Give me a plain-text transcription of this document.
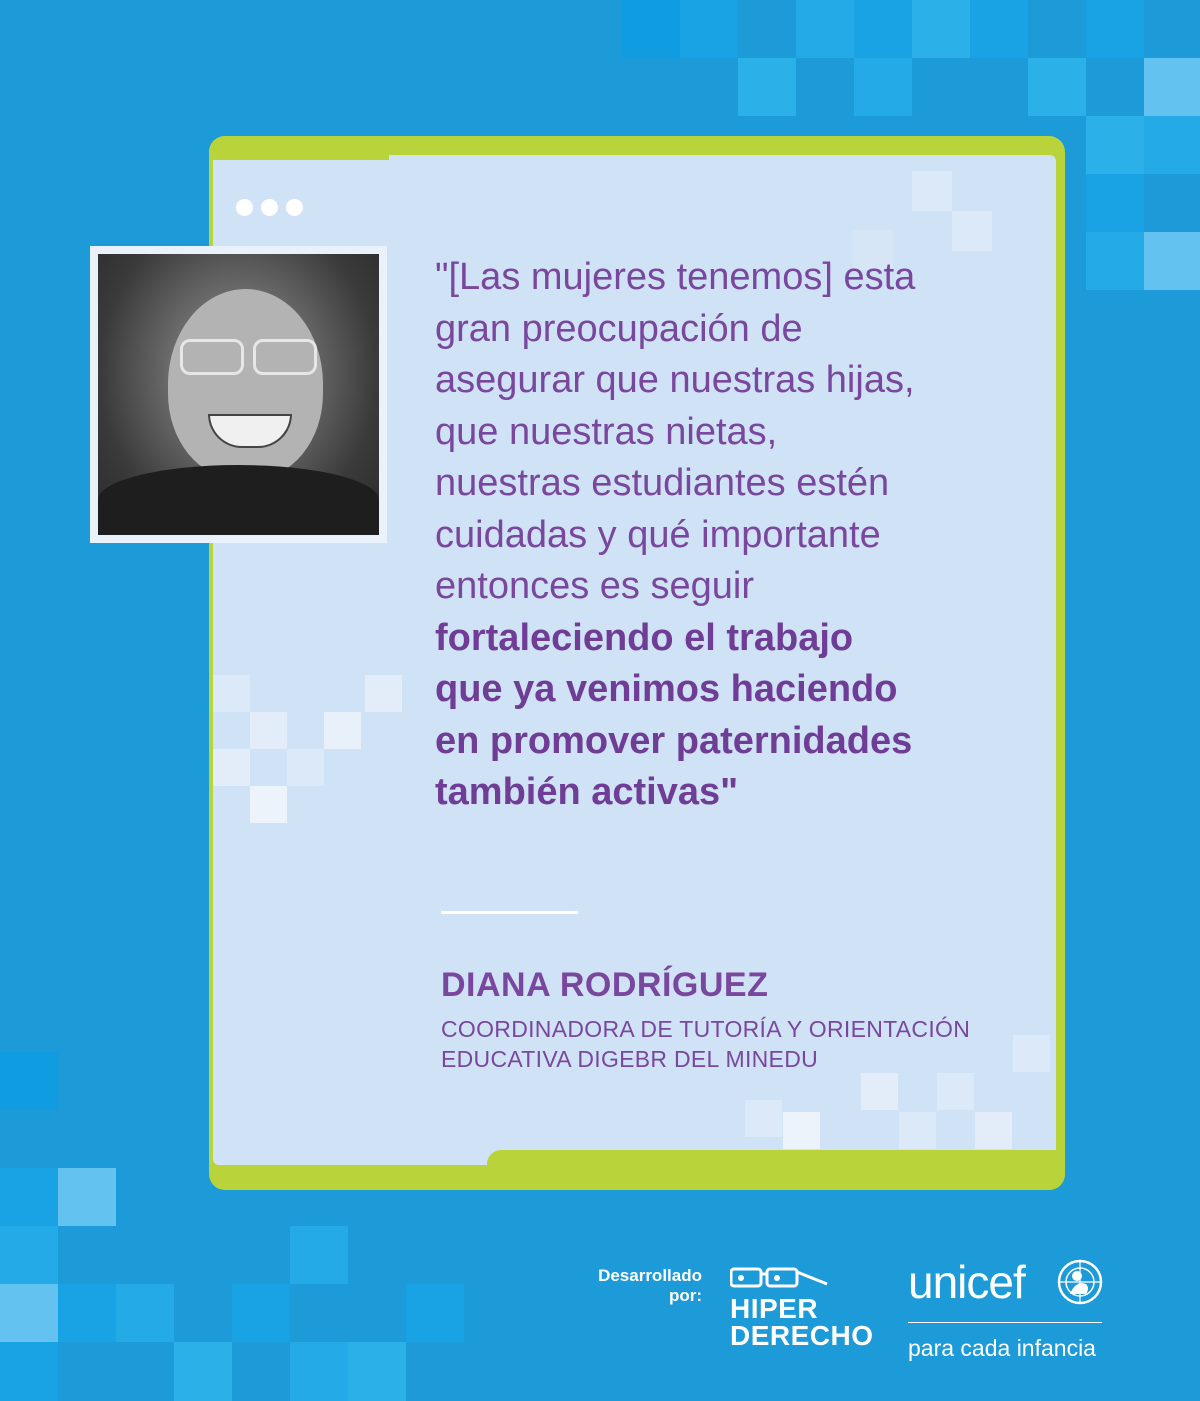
"[Las mujeres tenemos] esta
gran preocupación de
asegurar que nuestras hijas,
que nuestras nietas,
nuestras estudiantes estén
cuidadas y qué importante
entonces es seguir
fortaleciendo el trabajo
que ya venimos haciendo
en promover paternidades
también activas"
DIANA RODRÍGUEZ
COORDINADORA DE TUTORÍA Y ORIENTACIÓN
EDUCATIVA DIGEBR DEL MINEDU
Desarrollado
por: HIPER
DERECHO
unicef
para cada infancia
